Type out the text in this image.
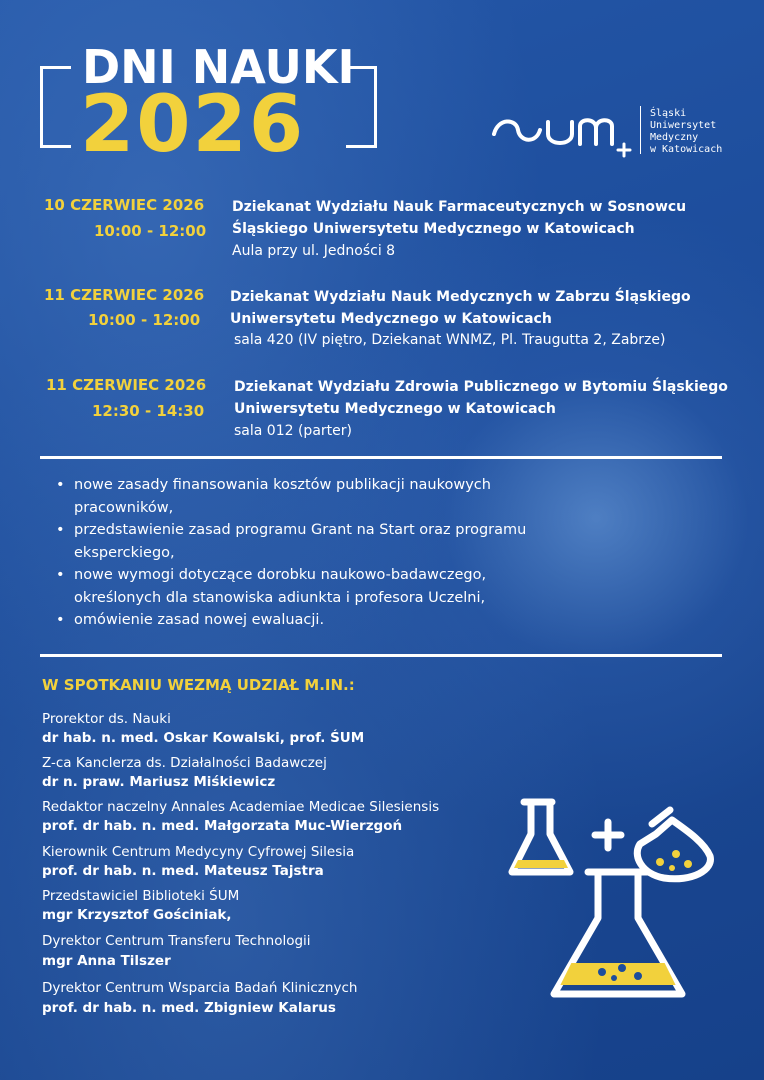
DNI NAUKI
2026	Śląski
Uniwersytet
Medyczny
w Katowicach
10 CZERWIEC 2026
10:00 - 12:00
Dziekanat Wydziału Nauk Farmaceutycznych w Sosnowcu
Śląskiego Uniwersytetu Medycznego w Katowicach
Aula przy ul. Jedności 8
11 CZERWIEC 2026
10:00 - 12:00
Dziekanat Wydziału Nauk Medycznych w Zabrzu Śląskiego
Uniwersytetu Medycznego w Katowicach
sala 420 (IV piętro, Dziekanat WNMZ, Pl. Traugutta 2, Zabrze)
11 CZERWIEC 2026
12:30 - 14:30
Dziekanat Wydziału Zdrowia Publicznego w Bytomiu Śląskiego
Uniwersytetu Medycznego w Katowicach
sala 012 (parter)
• nowe zasady finansowania kosztów publikacji naukowych
pracowników,
• przedstawienie zasad programu Grant na Start oraz programu
eksperckiego,
• nowe wymogi dotyczące dorobku naukowo-badawczego,
określonych dla stanowiska adiunkta i profesora Uczelni,
• omówienie zasad nowej ewaluacji.
W SPOTKANIU WEZMĄ UDZIAŁ M.IN.:
Prorektor ds. Nauki
dr hab. n. med. Oskar Kowalski, prof. ŚUM
Z-ca Kanclerza ds. Działalności Badawczej
dr n. praw. Mariusz Miśkiewicz
Redaktor naczelny Annales Academiae Medicae Silesiensis
prof. dr hab. n. med. Małgorzata Muc-Wierzgoń
Kierownik Centrum Medycyny Cyfrowej Silesia
prof. dr hab. n. med. Mateusz Tajstra
Przedstawiciel Biblioteki ŚUM
mgr Krzysztof Gościniak,
Dyrektor Centrum Transferu Technologii
mgr Anna Tilszer
Dyrektor Centrum Wsparcia Badań Klinicznych
prof. dr hab. n. med. Zbigniew Kalarus
